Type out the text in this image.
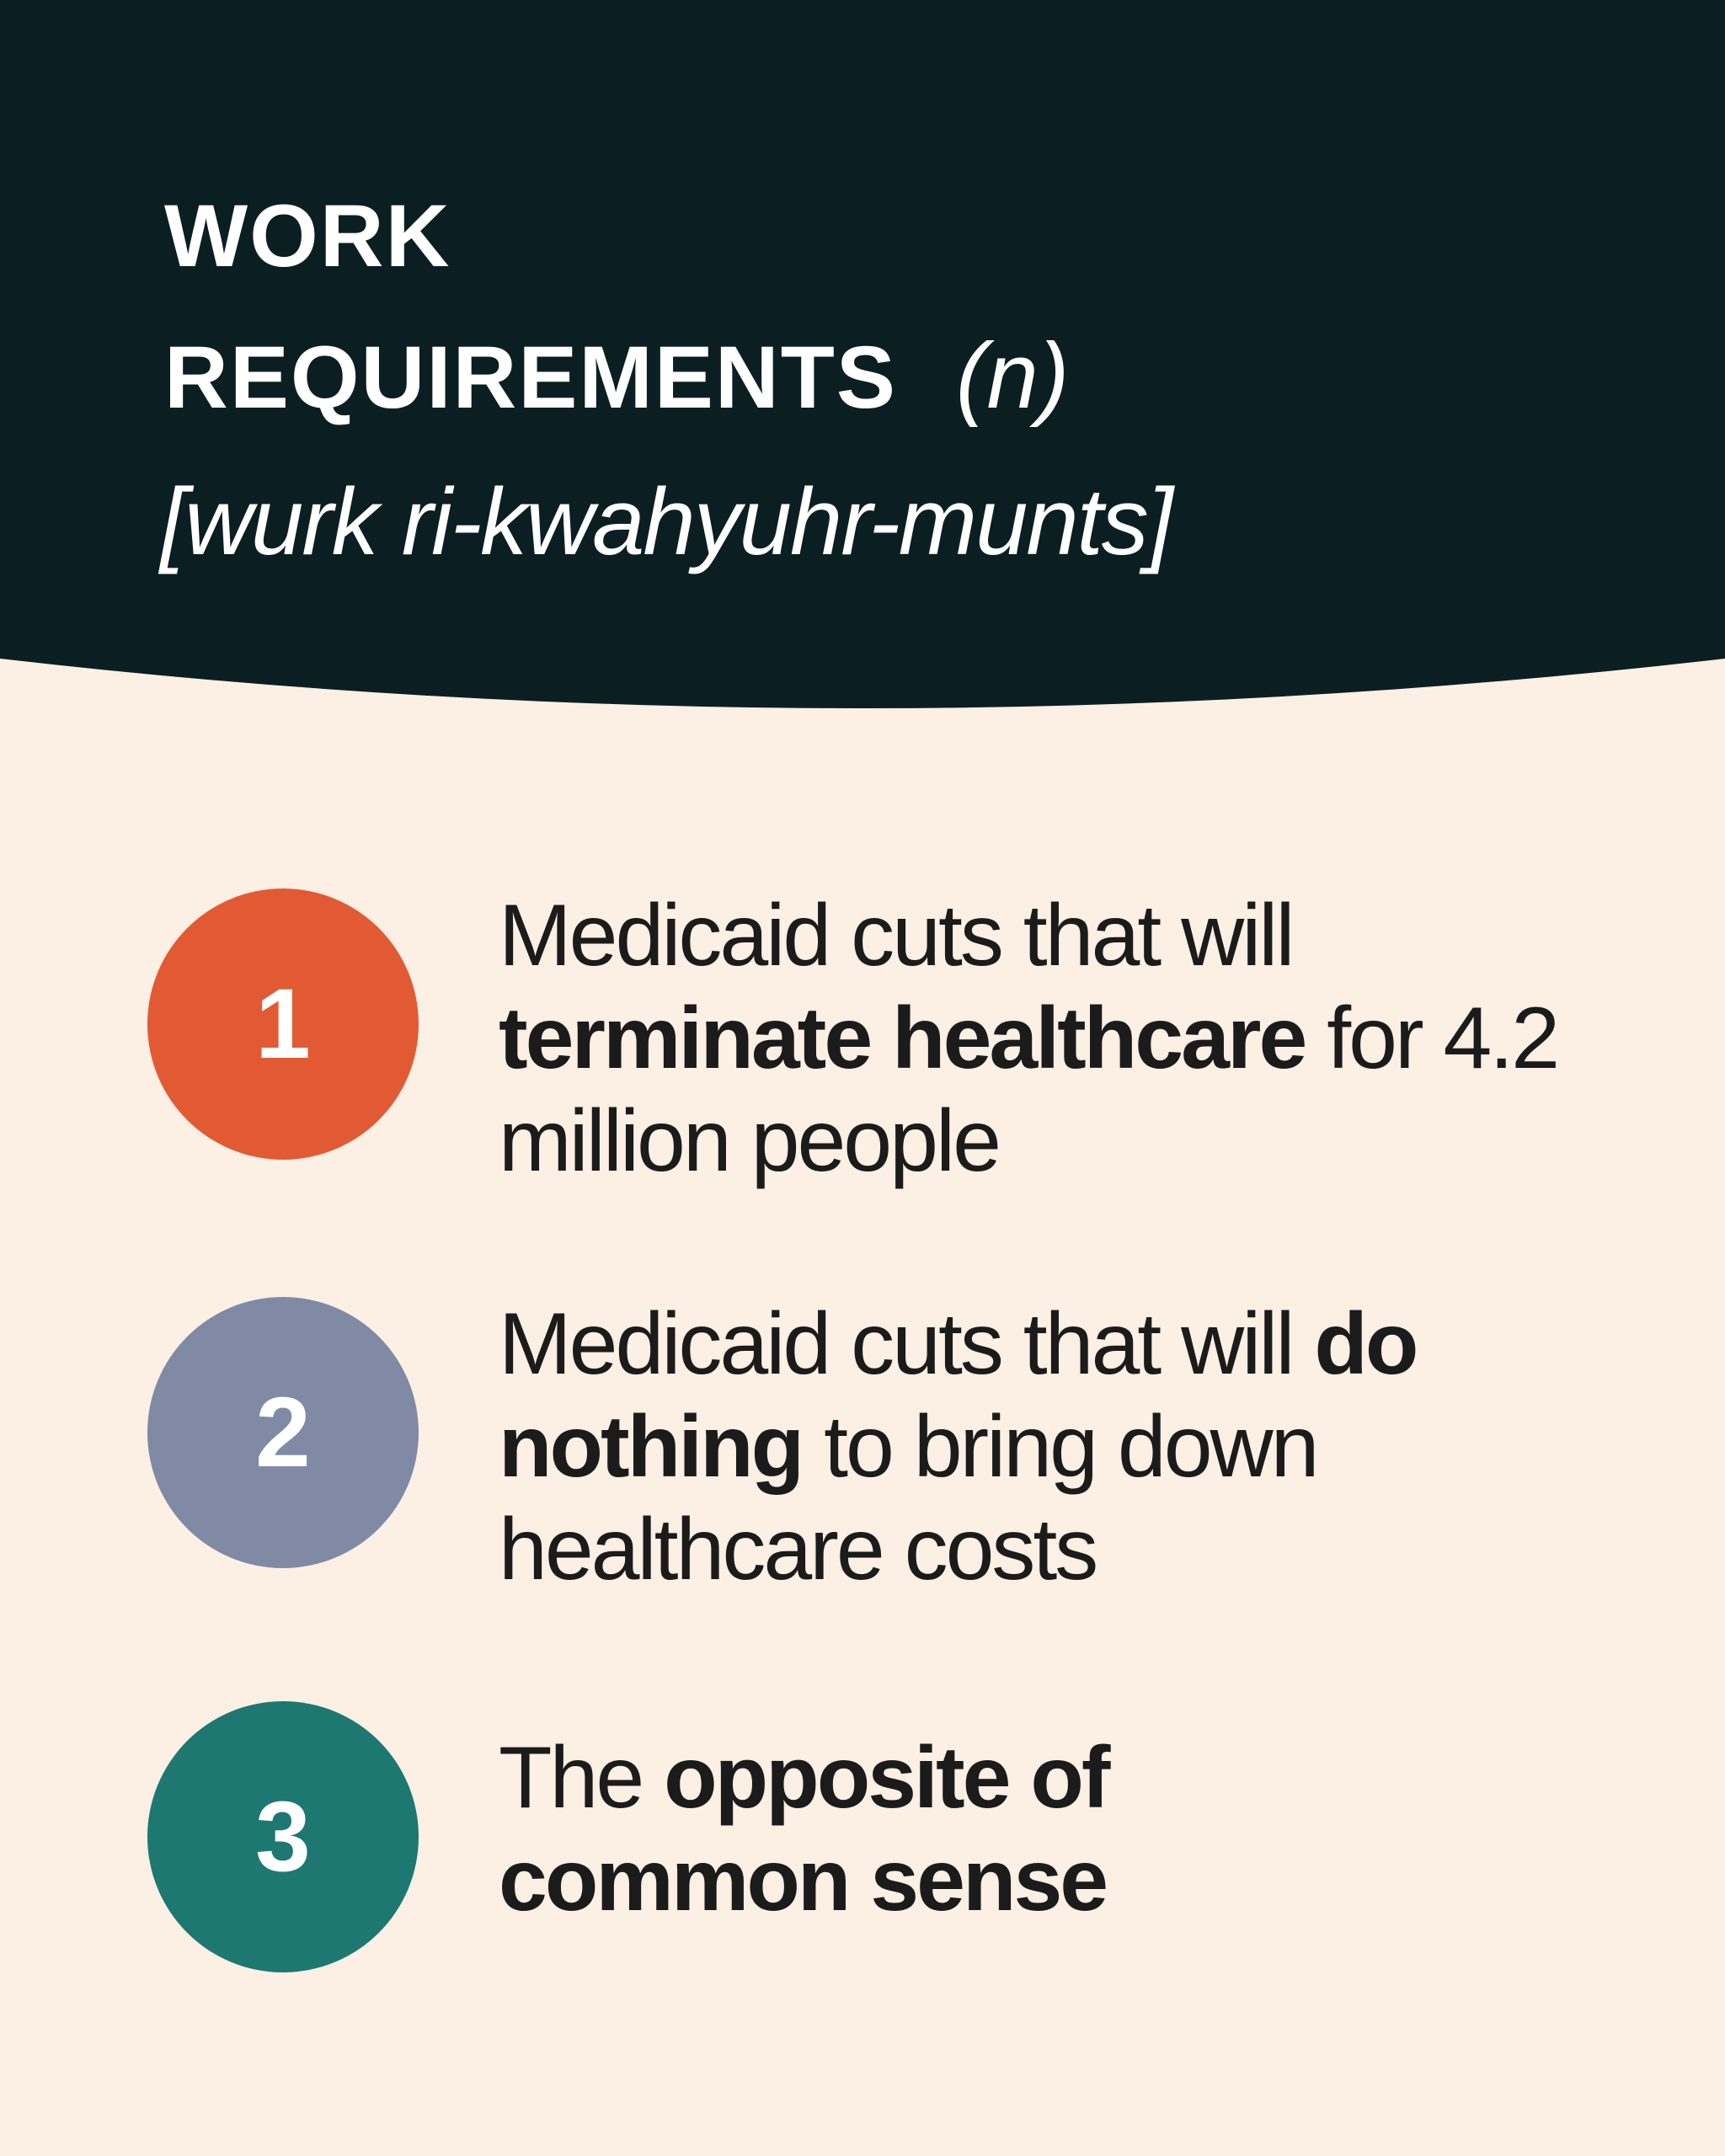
work
requirements (n)

[wurk ri-kwahyuhr-munts]

1

Medicaid cuts that will terminate healthcare for 4.2 million people

2

Medicaid cuts that will do nothing to bring down healthcare costs

3

The opposite of common sense
